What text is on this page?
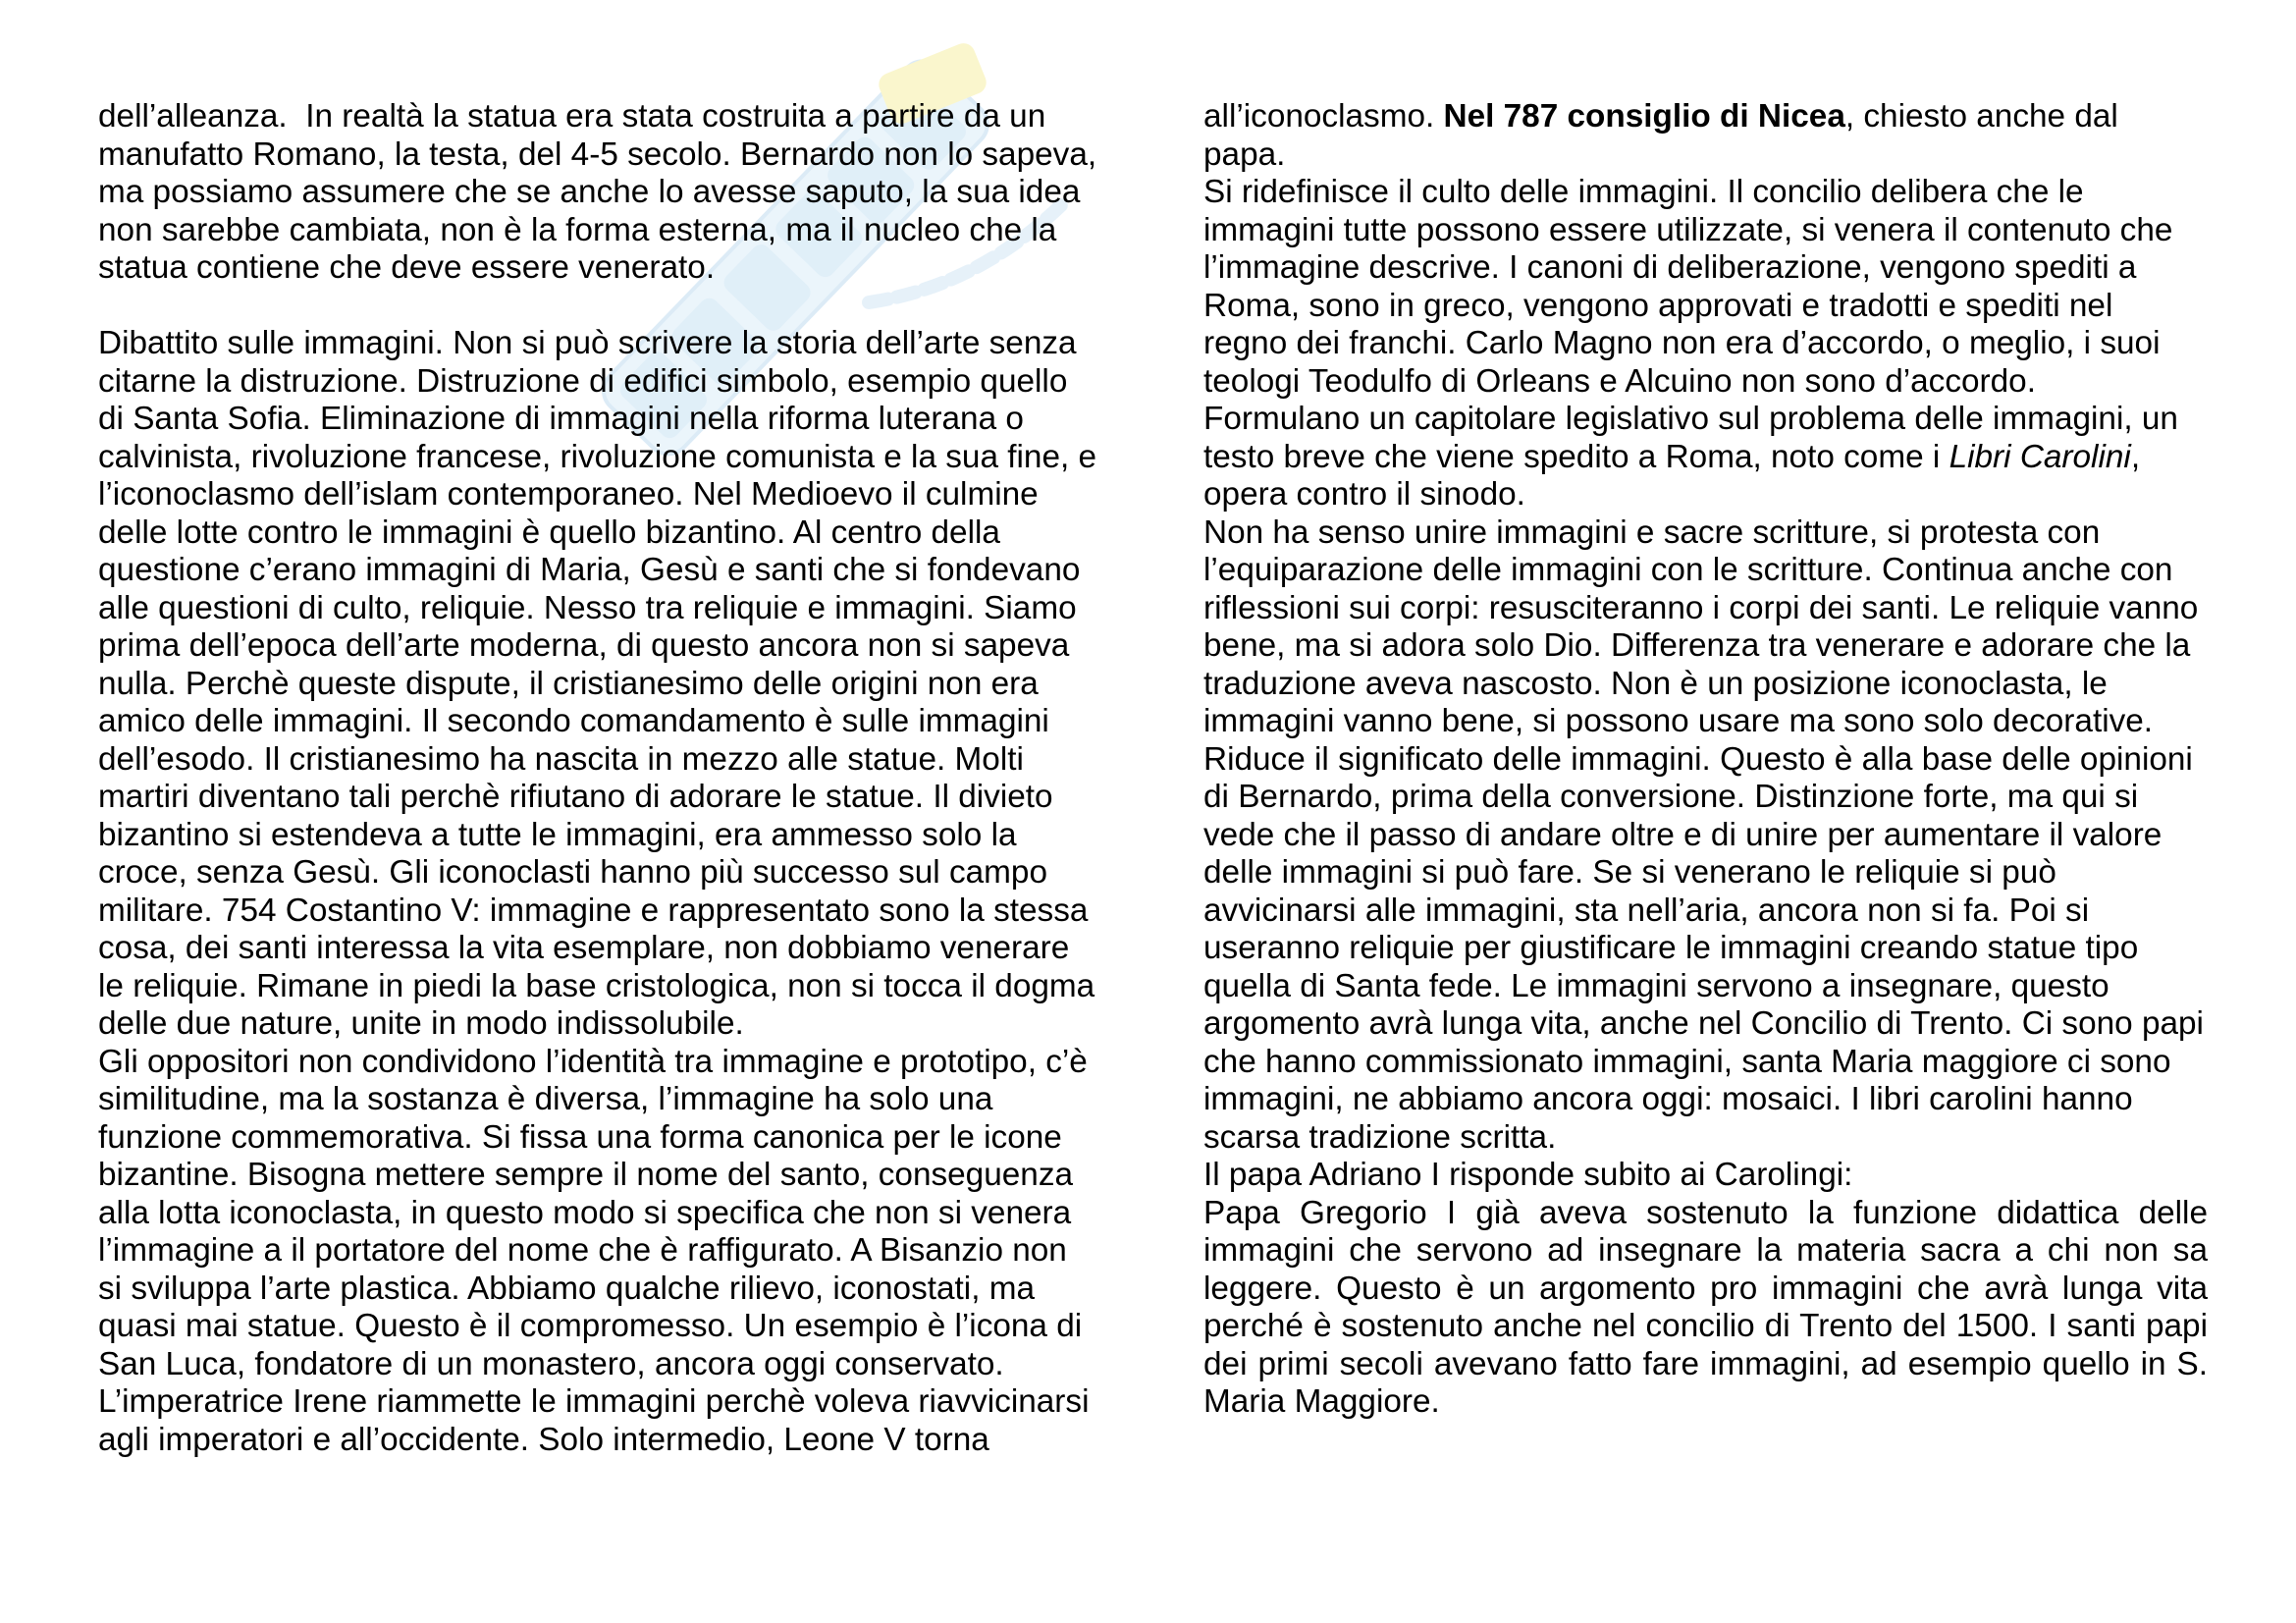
dell’alleanza.  In realtà la statua era stata costruita a partire da un
manufatto Romano, la testa, del 4-5 secolo. Bernardo non lo sapeva,
ma possiamo assumere che se anche lo avesse saputo, la sua idea
non sarebbe cambiata, non è la forma esterna, ma il nucleo che la
statua contiene che deve essere venerato.
Dibattito sulle immagini. Non si può scrivere la storia dell’arte senza
citarne la distruzione. Distruzione di edifici simbolo, esempio quello
di Santa Sofia. Eliminazione di immagini nella riforma luterana o
calvinista, rivoluzione francese, rivoluzione comunista e la sua fine, e
l’iconoclasmo dell’islam contemporaneo. Nel Medioevo il culmine
delle lotte contro le immagini è quello bizantino. Al centro della
questione c’erano immagini di Maria, Gesù e santi che si fondevano
alle questioni di culto, reliquie. Nesso tra reliquie e immagini. Siamo
prima dell’epoca dell’arte moderna, di questo ancora non si sapeva
nulla. Perchè queste dispute, il cristianesimo delle origini non era
amico delle immagini. Il secondo comandamento è sulle immagini
dell’esodo. Il cristianesimo ha nascita in mezzo alle statue. Molti
martiri diventano tali perchè rifiutano di adorare le statue. Il divieto
bizantino si estendeva a tutte le immagini, era ammesso solo la
croce, senza Gesù. Gli iconoclasti hanno più successo sul campo
militare. 754 Costantino V: immagine e rappresentato sono la stessa
cosa, dei santi interessa la vita esemplare, non dobbiamo venerare
le reliquie. Rimane in piedi la base cristologica, non si tocca il dogma
delle due nature, unite in modo indissolubile.
Gli oppositori non condividono l’identità tra immagine e prototipo, c’è
similitudine, ma la sostanza è diversa, l’immagine ha solo una
funzione commemorativa. Si fissa una forma canonica per le icone
bizantine. Bisogna mettere sempre il nome del santo, conseguenza
alla lotta iconoclasta, in questo modo si specifica che non si venera
l’immagine a il portatore del nome che è raffigurato. A Bisanzio non
si sviluppa l’arte plastica. Abbiamo qualche rilievo, iconostati, ma
quasi mai statue. Questo è il compromesso. Un esempio è l’icona di
San Luca, fondatore di un monastero, ancora oggi conservato.
L’imperatrice Irene riammette le immagini perchè voleva riavvicinarsi
agli imperatori e all’occidente. Solo intermedio, Leone V torna
all’iconoclasmo. Nel 787 consiglio di Nicea, chiesto anche dal
papa.
Si ridefinisce il culto delle immagini. Il concilio delibera che le
immagini tutte possono essere utilizzate, si venera il contenuto che
l’immagine descrive. I canoni di deliberazione, vengono spediti a
Roma, sono in greco, vengono approvati e tradotti e spediti nel
regno dei franchi. Carlo Magno non era d’accordo, o meglio, i suoi
teologi Teodulfo di Orleans e Alcuino non sono d’accordo.
Formulano un capitolare legislativo sul problema delle immagini, un
testo breve che viene spedito a Roma, noto come i Libri Carolini,
opera contro il sinodo.
Non ha senso unire immagini e sacre scritture, si protesta con
l’equiparazione delle immagini con le scritture. Continua anche con
riflessioni sui corpi: resusciteranno i corpi dei santi. Le reliquie vanno
bene, ma si adora solo Dio. Differenza tra venerare e adorare che la
traduzione aveva nascosto. Non è un posizione iconoclasta, le
immagini vanno bene, si possono usare ma sono solo decorative.
Riduce il significato delle immagini. Questo è alla base delle opinioni
di Bernardo, prima della conversione. Distinzione forte, ma qui si
vede che il passo di andare oltre e di unire per aumentare il valore
delle immagini si può fare. Se si venerano le reliquie si può
avvicinarsi alle immagini, sta nell’aria, ancora non si fa. Poi si
useranno reliquie per giustificare le immagini creando statue tipo
quella di Santa fede. Le immagini servono a insegnare, questo
argomento avrà lunga vita, anche nel Concilio di Trento. Ci sono papi
che hanno commissionato immagini, santa Maria maggiore ci sono
immagini, ne abbiamo ancora oggi: mosaici. I libri carolini hanno
scarsa tradizione scritta.
Il papa Adriano I risponde subito ai Carolingi:
Papa Gregorio I già aveva sostenuto la funzione didattica delle
immagini che servono ad insegnare la materia sacra a chi non sa
leggere. Questo è un argomento pro immagini che avrà lunga vita
perché è sostenuto anche nel concilio di Trento del 1500. I santi papi
dei primi secoli avevano fatto fare immagini, ad esempio quello in S.
Maria Maggiore.
